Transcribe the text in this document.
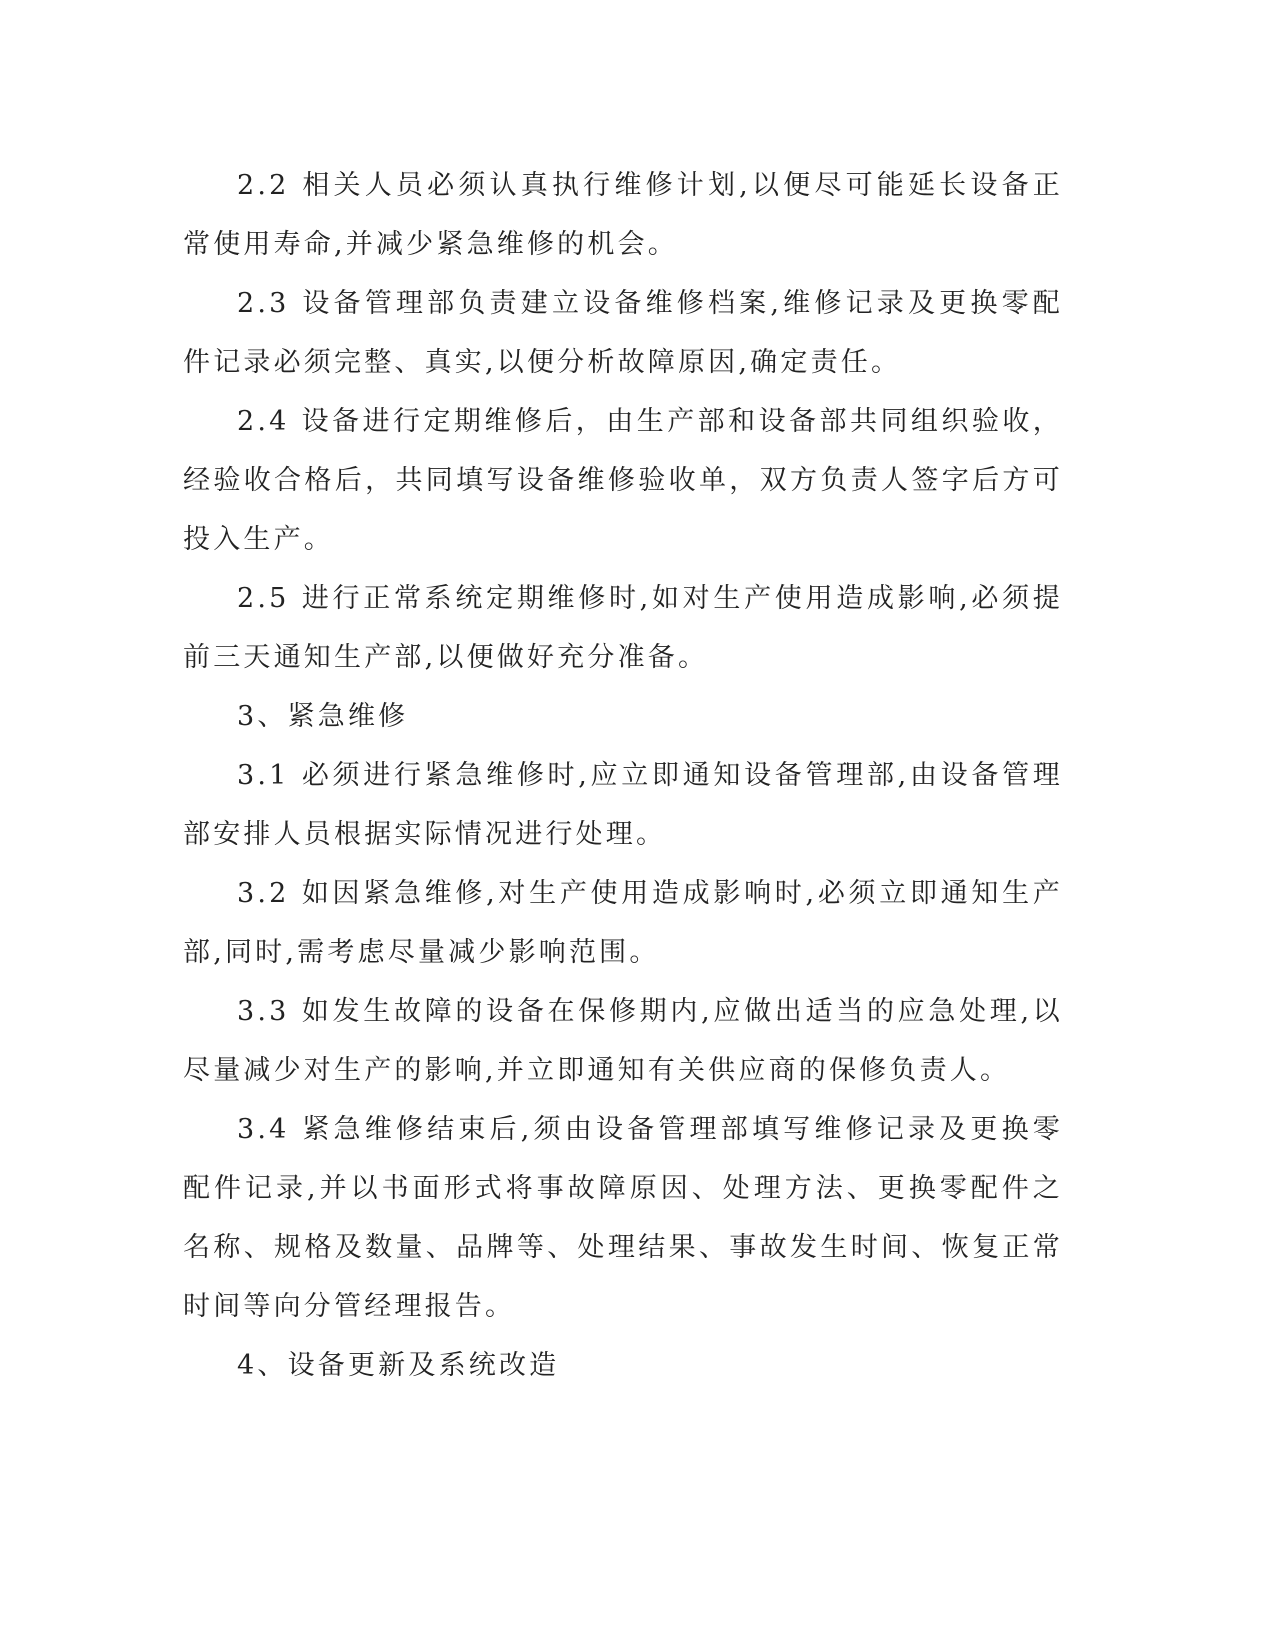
2.2 相关人员必须认真执行维修计划,以便尽可能延长设备正常使用寿命,并减少紧急维修的机会。

2.3 设备管理部负责建立设备维修档案,维修记录及更换零配件记录必须完整、真实,以便分析故障原因,确定责任。

2.4 设备进行定期维修后，由生产部和设备部共同组织验收，经验收合格后，共同填写设备维修验收单，双方负责人签字后方可投入生产。

2.5 进行正常系统定期维修时,如对生产使用造成影响,必须提前三天通知生产部,以便做好充分准备。

3、紧急维修

3.1 必须进行紧急维修时,应立即通知设备管理部,由设备管理部安排人员根据实际情况进行处理。

3.2 如因紧急维修,对生产使用造成影响时,必须立即通知生产部,同时,需考虑尽量减少影响范围。

3.3 如发生故障的设备在保修期内,应做出适当的应急处理,以尽量减少对生产的影响,并立即通知有关供应商的保修负责人。

3.4 紧急维修结束后,须由设备管理部填写维修记录及更换零配件记录,并以书面形式将事故障原因、处理方法、更换零配件之名称、规格及数量、品牌等、处理结果、事故发生时间、恢复正常时间等向分管经理报告。

4、设备更新及系统改造
